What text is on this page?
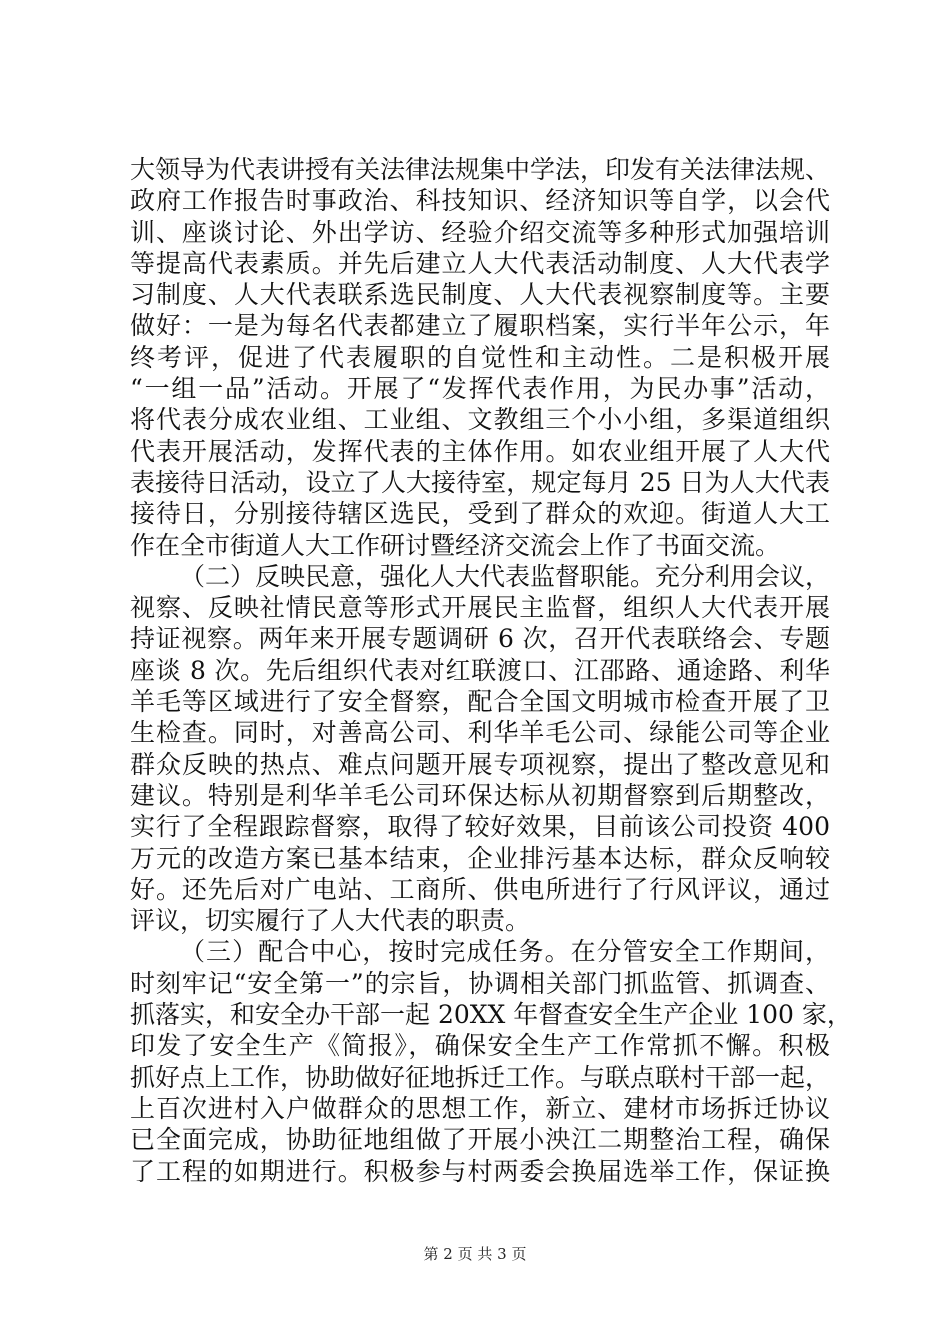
大领导为代表讲授有关法律法规集中学法，印发有关法律法规、
政府工作报告时事政治、科技知识、经济知识等自学，以会代
训、座谈讨论、外出学访、经验介绍交流等多种形式加强培训
等提高代表素质。并先后建立人大代表活动制度、人大代表学
习制度、人大代表联系选民制度、人大代表视察制度等。主要
做好：一是为每名代表都建立了履职档案，实行半年公示，年
终考评，促进了代表履职的自觉性和主动性。二是积极开展
“一组一品”活动。开展了“发挥代表作用，为民办事”活动，
将代表分成农业组、工业组、文教组三个小小组，多渠道组织
代表开展活动，发挥代表的主体作用。如农业组开展了人大代
表接待日活动，设立了人大接待室，规定每月 25 日为人大代表
接待日，分别接待辖区选民，受到了群众的欢迎。街道人大工
作在全市街道人大工作研讨暨经济交流会上作了书面交流。
（二）反映民意，强化人大代表监督职能。充分利用会议，
视察、反映社情民意等形式开展民主监督，组织人大代表开展
持证视察。两年来开展专题调研 6 次，召开代表联络会、专题
座谈 8 次。先后组织代表对红联渡口、江邵路、通途路、利华
羊毛等区域进行了安全督察，配合全国文明城市检查开展了卫
生检查。同时，对善高公司、利华羊毛公司、绿能公司等企业
群众反映的热点、难点问题开展专项视察，提出了整改意见和
建议。特别是利华羊毛公司环保达标从初期督察到后期整改，
实行了全程跟踪督察，取得了较好效果，目前该公司投资 400
万元的改造方案已基本结束，企业排污基本达标，群众反响较
好。还先后对广电站、工商所、供电所进行了行风评议，通过
评议，切实履行了人大代表的职责。
（三）配合中心，按时完成任务。在分管安全工作期间，
时刻牢记“安全第一”的宗旨，协调相关部门抓监管、抓调查、
抓落实，和安全办干部一起 20XX 年督查安全生产企业 100 家，
印发了安全生产《简报》，确保安全生产工作常抓不懈。积极
抓好点上工作，协助做好征地拆迁工作。与联点联村干部一起，
上百次进村入户做群众的思想工作，新立、建材市场拆迁协议
已全面完成，协助征地组做了开展小泱江二期整治工程，确保
了工程的如期进行。积极参与村两委会换届选举工作，保证换
第 2 页 共 3 页
